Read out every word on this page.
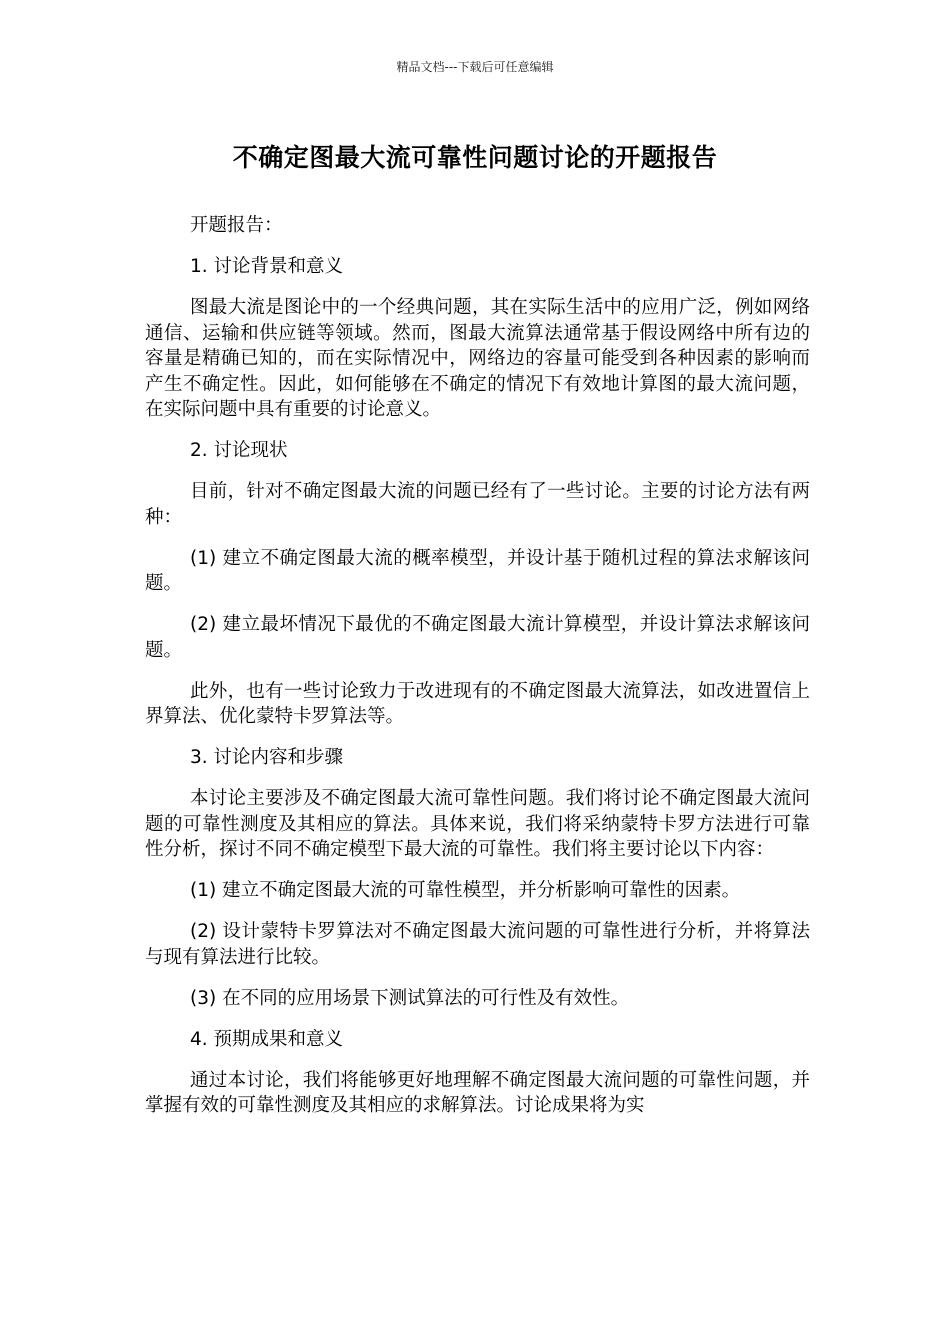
精品文档---下载后可任意编辑
不确定图最大流可靠性问题讨论的开题报告
开题报告：
1. 讨论背景和意义
图最大流是图论中的一个经典问题，其在实际生活中的应用广泛，例如网络通信、运输和供应链等领域。然而，图最大流算法通常基于假设网络中所有边的容量是精确已知的，而在实际情况中，网络边的容量可能受到各种因素的影响而产生不确定性。因此，如何能够在不确定的情况下有效地计算图的最大流问题，在实际问题中具有重要的讨论意义。
2. 讨论现状
目前，针对不确定图最大流的问题已经有了一些讨论。主要的讨论方法有两种：
(1) 建立不确定图最大流的概率模型，并设计基于随机过程的算法求解该问题。
(2) 建立最坏情况下最优的不确定图最大流计算模型，并设计算法求解该问题。
此外，也有一些讨论致力于改进现有的不确定图最大流算法，如改进置信上界算法、优化蒙特卡罗算法等。
3. 讨论内容和步骤
本讨论主要涉及不确定图最大流可靠性问题。我们将讨论不确定图最大流问题的可靠性测度及其相应的算法。具体来说，我们将采纳蒙特卡罗方法进行可靠性分析，探讨不同不确定模型下最大流的可靠性。我们将主要讨论以下内容：
(1) 建立不确定图最大流的可靠性模型，并分析影响可靠性的因素。
(2) 设计蒙特卡罗算法对不确定图最大流问题的可靠性进行分析，并将算法与现有算法进行比较。
(3) 在不同的应用场景下测试算法的可行性及有效性。
4. 预期成果和意义
通过本讨论，我们将能够更好地理解不确定图最大流问题的可靠性问题，并掌握有效的可靠性测度及其相应的求解算法。讨论成果将为实
